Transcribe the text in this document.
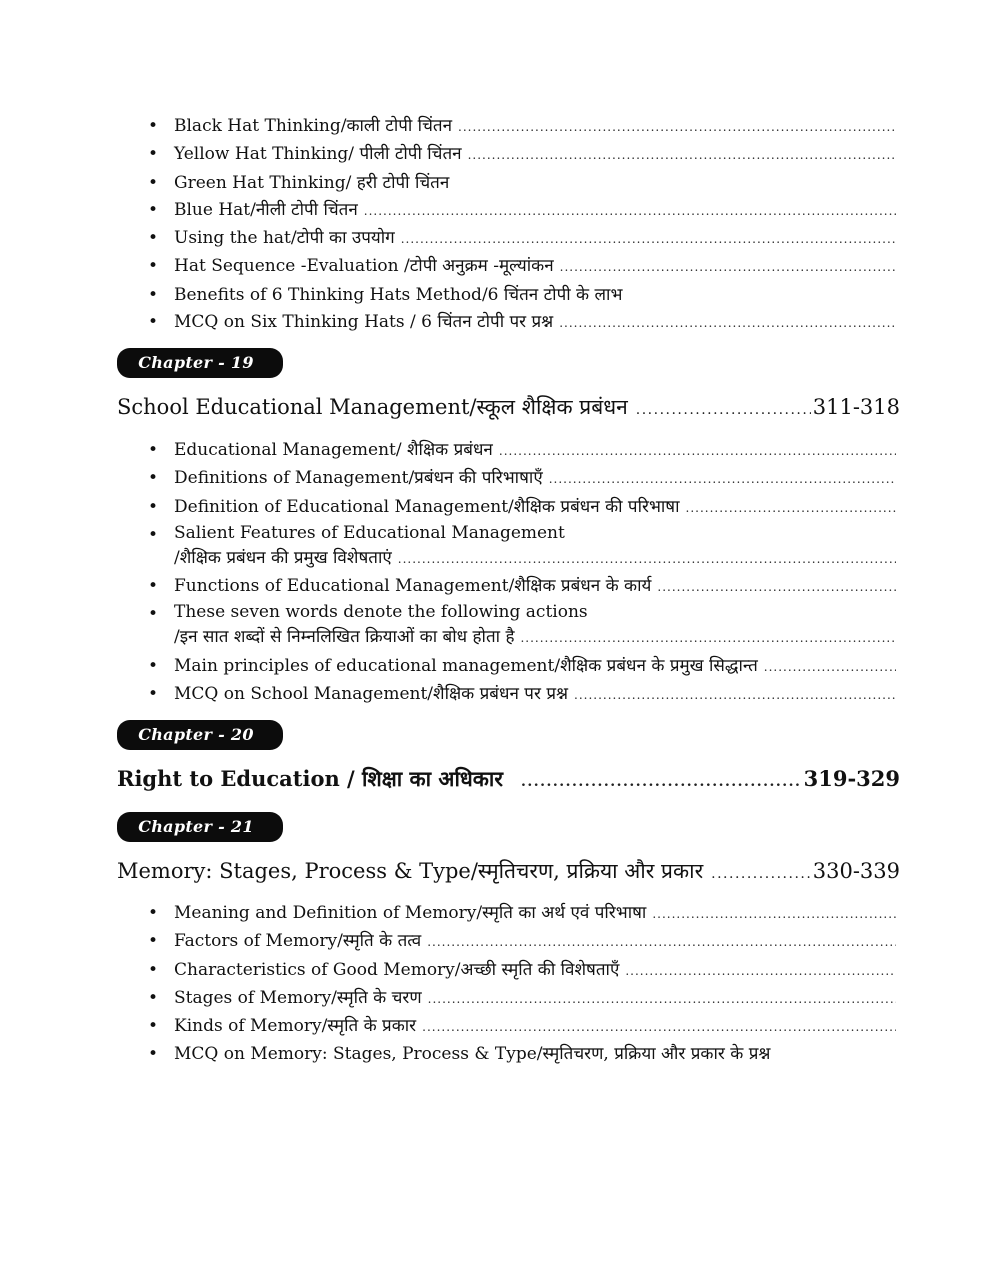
• Black Hat Thinking/काली टोपी चिंतन
.....
• Yellow Hat Thinking/ पीली टोपी चिंतन
.....
• Green Hat Thinking/ हरी टोपी चिंतन
• Blue Hat/नीली टोपी चिंतन
.....
• Using the hat/टोपी का उपयोग
.....
• Hat Sequence -Evaluation /टोपी अनुक्रम -मूल्यांकन
.....
• Benefits of 6 Thinking Hats Method/6 चिंतन टोपी के लाभ
• MCQ on Six Thinking Hats / 6 चिंतन टोपी पर प्रश्न
.....
Chapter - 19
School Educational Management/स्कूल शैक्षिक प्रबंधन .....	311-318
• Educational Management/ शैक्षिक प्रबंधन
.....
• Definitions of Management/प्रबंधन की परिभाषाएँ
.....
• Definition of Educational Management/शैक्षिक प्रबंधन की परिभाषा
.....
• Salient Features of Educational Management
/शैक्षिक प्रबंधन की प्रमुख विशेषताएं
.....
• Functions of Educational Management/शैक्षिक प्रबंधन के कार्य
.....
• These seven words denote the following actions
/इन सात शब्दों से निम्नलिखित क्रियाओं का बोध होता है
.....
• Main principles of educational management/शैक्षिक प्रबंधन के प्रमुख सिद्धान्त
.....
• MCQ on School Management/शैक्षिक प्रबंधन पर प्रश्न
.....
Chapter - 20
Right to Education / शिक्षा का अधिकार .....	319-329
Chapter - 21
Memory: Stages, Process & Type/स्मृतिचरण, प्रक्रिया और प्रकार .....	330-339
• Meaning and Definition of Memory/स्मृति का अर्थ एवं परिभाषा
.....
• Factors of Memory/स्मृति के तत्व
.....
• Characteristics of Good Memory/अच्छी स्मृति की विशेषताएँ
.....
• Stages of Memory/स्मृति के चरण
.....
• Kinds of Memory/स्मृति के प्रकार
.....
• MCQ on Memory: Stages, Process & Type/स्मृतिचरण, प्रक्रिया और प्रकार के प्रश्न
